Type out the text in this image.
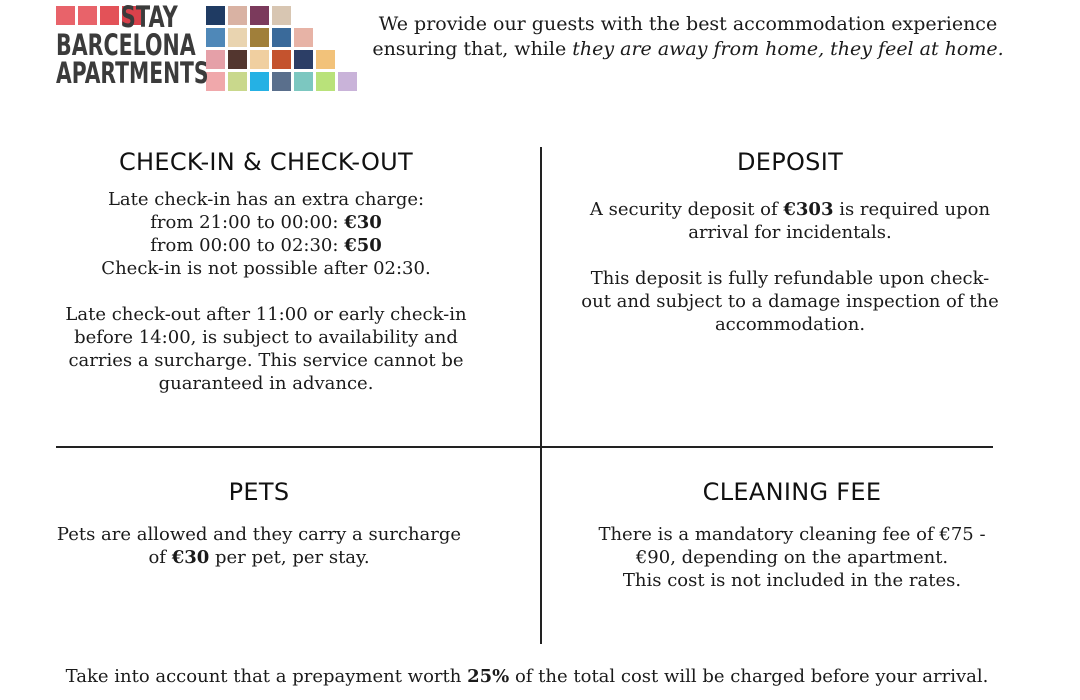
STAY
BARCELONA
APARTMENTS
We provide our guests with the best accommodation experience ensuring that, while they are away from home, they feel at home.
CHECK-IN & CHECK-OUT

Late check-in has an extra charge:

from 21:00 to 00:00: €30

from 00:00 to 02:30: €50

Check-in is not possible after 02:30.

Late check-out after 11:00 or early check-in before 14:00, is subject to availability and carries a surcharge. This service cannot be guaranteed in advance.

DEPOSIT

A security deposit of €303 is required upon arrival for incidentals.

This deposit is fully refundable upon check-out and subject to a damage inspection of the accommodation.

PETS

Pets are allowed and they carry a surcharge of €30 per pet, per stay.

CLEANING FEE

There is a mandatory cleaning fee of €75 - €90, depending on the apartment.

This cost is not included in the rates.

Take into account that a prepayment worth 25% of the total cost will be charged before your arrival.
